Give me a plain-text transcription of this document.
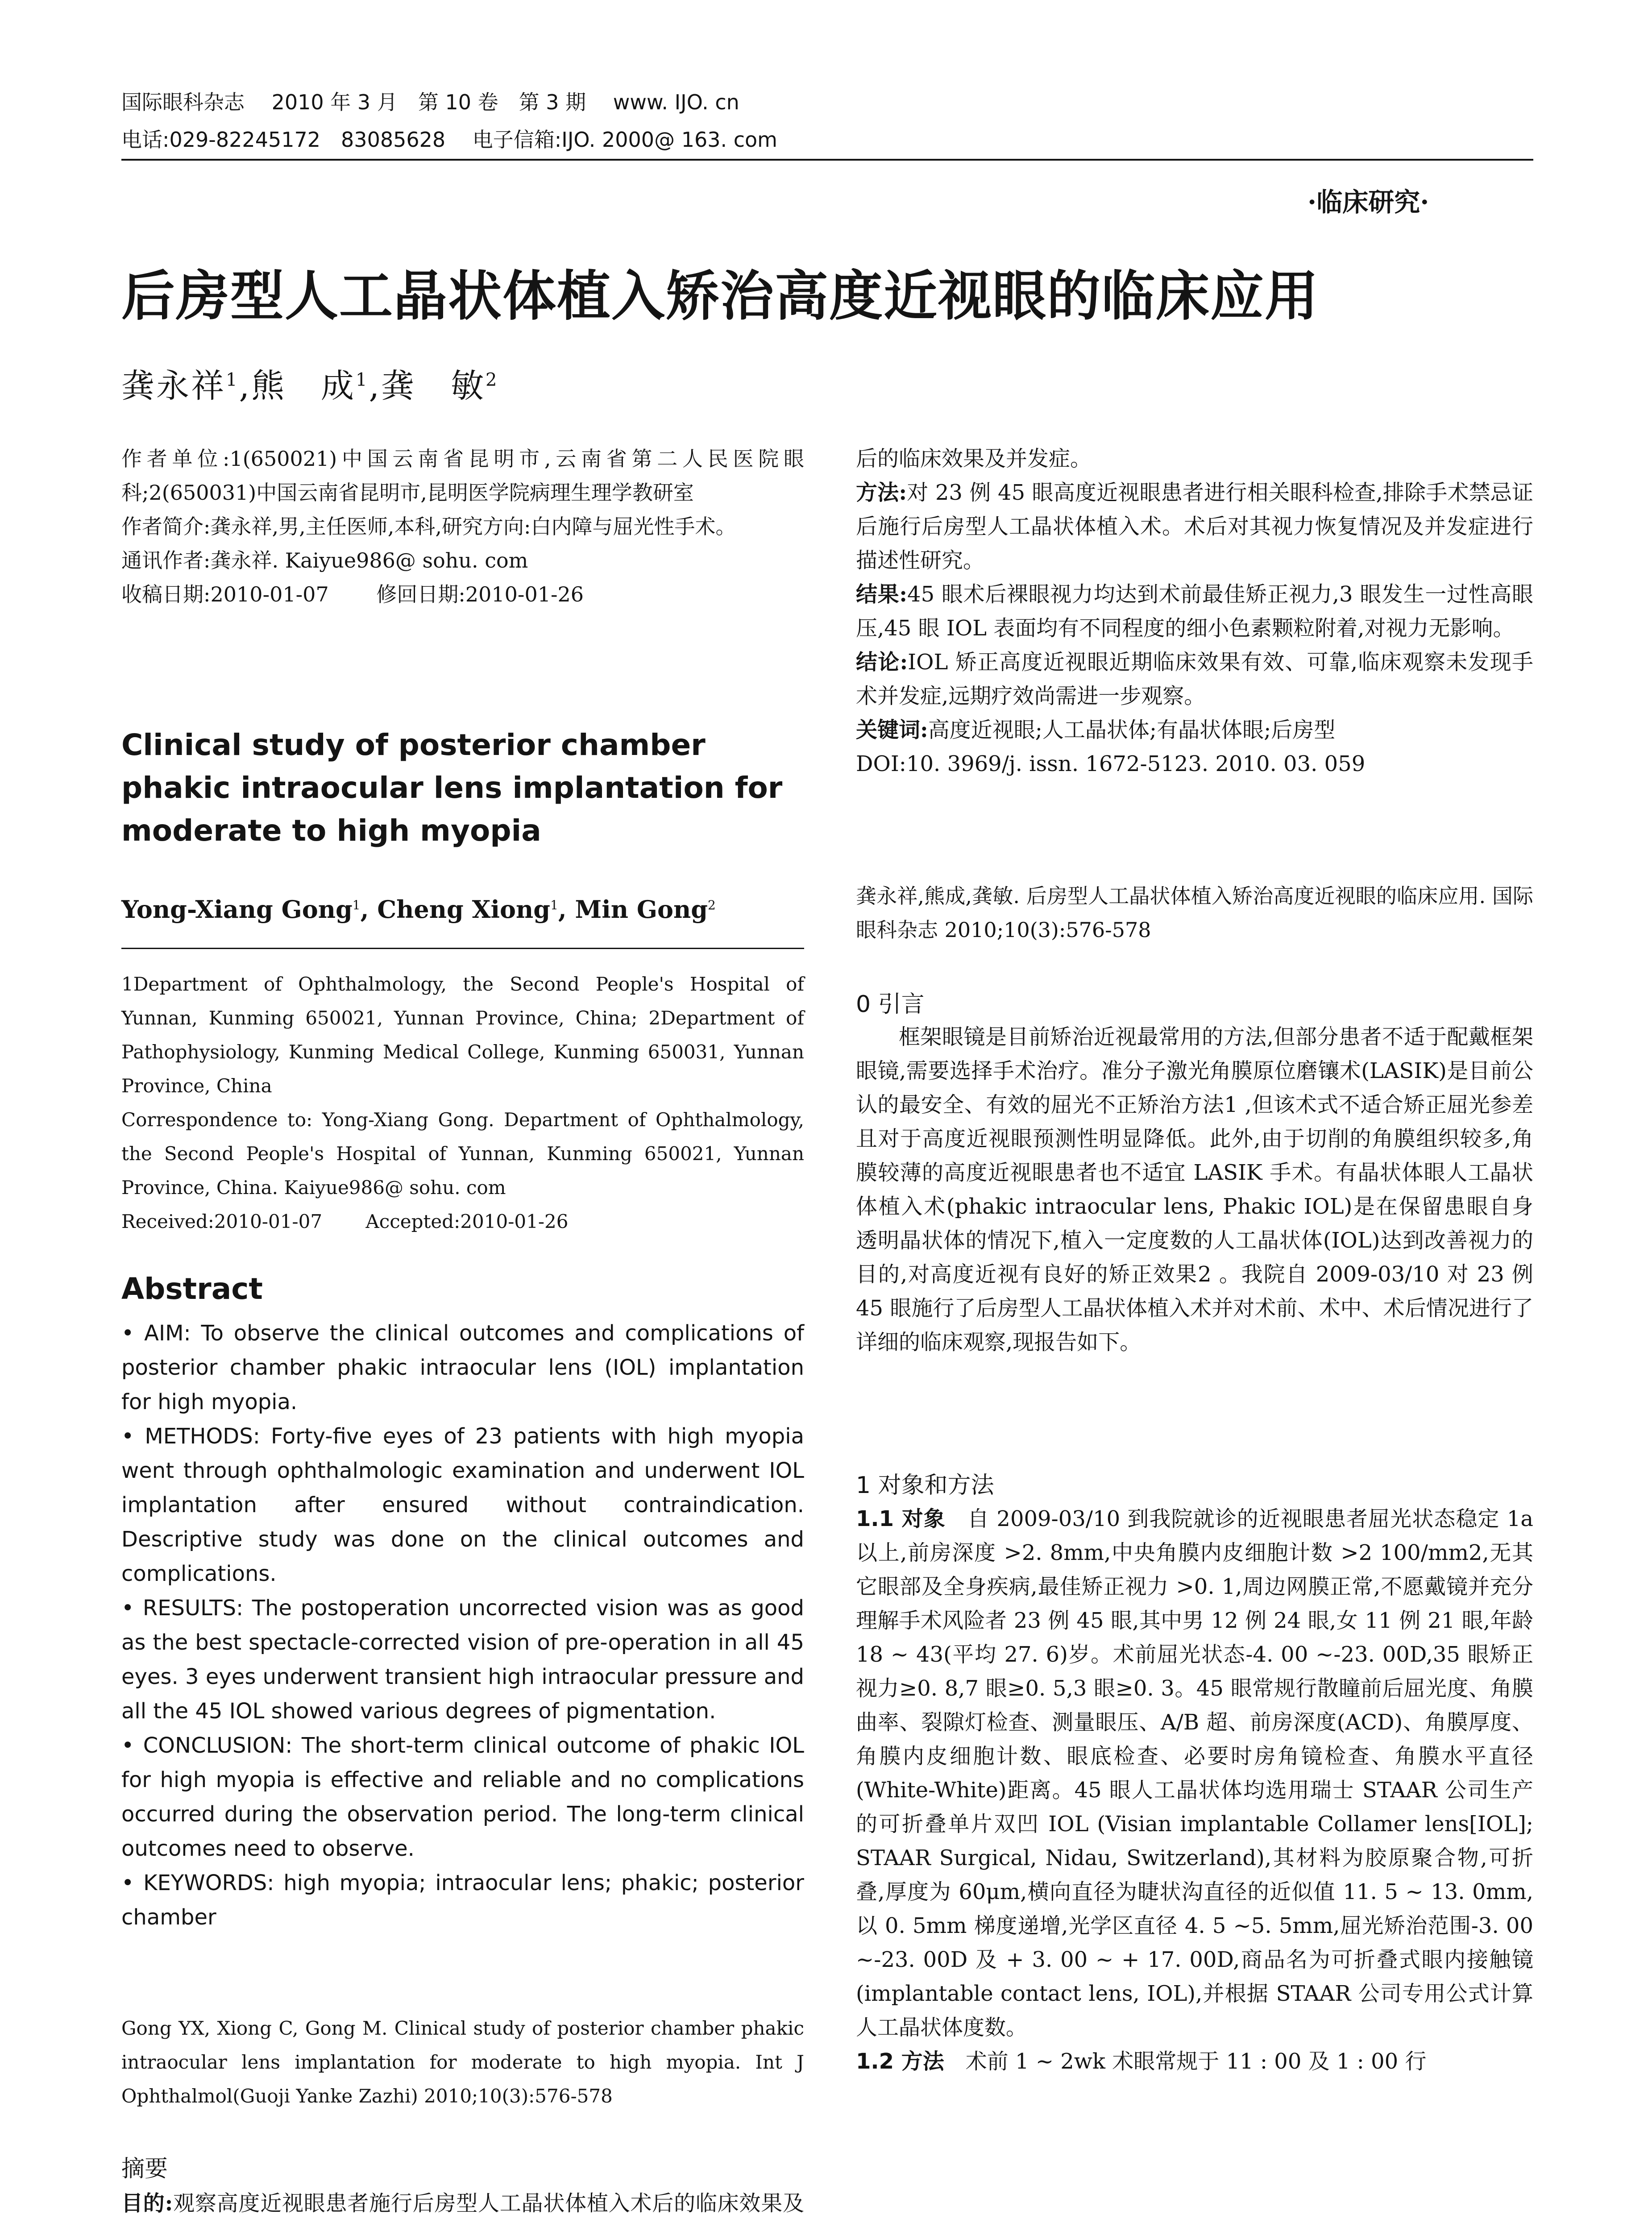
国际眼科杂志　 2010 年 3 月　第 10 卷　第 3 期　 www. IJO. cn
电话:029-82245172　83085628　 电子信箱:IJO. 2000@ 163. com
·临床研究·
后房型人工晶状体植入矫治高度近视眼的临床应用
龚永祥$^1$,熊　成$^1$,龚　敏$^2$

作者单位:1(650021)中国云南省昆明市,云南省第二人民医院眼科;2(650031)中国云南省昆明市,昆明医学院病理生理学教研室

作者简介:龚永祥,男,主任医师,本科,研究方向:白内障与屈光性手术。

通讯作者:龚永祥. Kaiyue986@ sohu. com

收稿日期:2010-01-07　　 修回日期:2010-01-26

Clinical study of posterior chamber phakic intraocular lens implantation for moderate to high myopia
Yong-Xiang Gong$^1$, Cheng Xiong$^1$, Min Gong$^2$

1Department of Ophthalmology, the Second People's Hospital of Yunnan, Kunming 650021, Yunnan Province, China; 2Department of Pathophysiology, Kunming Medical College, Kunming 650031, Yunnan Province, China

Correspondence to: Yong-Xiang Gong. Department of Ophthalmology, the Second People's Hospital of Yunnan, Kunming 650021, Yunnan Province, China. Kaiyue986@ sohu. com

Received:2010-01-07　　 Accepted:2010-01-26

Abstract

• AIM: To observe the clinical outcomes and complications of posterior chamber phakic intraocular lens (IOL) implantation for high myopia.

• METHODS: Forty-five eyes of 23 patients with high myopia went through ophthalmologic examination and underwent IOL implantation after ensured without contraindication. Descriptive study was done on the clinical outcomes and complications.

• RESULTS: The postoperation uncorrected vision was as good as the best spectacle-corrected vision of pre-operation in all 45 eyes. 3 eyes underwent transient high intraocular pressure and all the 45 IOL showed various degrees of pigmentation.

• CONCLUSION: The short-term clinical outcome of phakic IOL for high myopia is effective and reliable and no complications occurred during the observation period. The long-term clinical outcomes need to observe.

• KEYWORDS: high myopia; intraocular lens; phakic; posterior chamber

Gong YX, Xiong C, Gong M. Clinical study of posterior chamber phakic intraocular lens implantation for moderate to high myopia. Int J Ophthalmol(Guoji Yanke Zazhi) 2010;10(3):576-578

摘要
目的:观察高度近视眼患者施行后房型人工晶状体植入术后的临床效果及

后的临床效果及并发症。

方法:对 23 例 45 眼高度近视眼患者进行相关眼科检查,排除手术禁忌证后施行后房型人工晶状体植入术。术后对其视力恢复情况及并发症进行描述性研究。

结果:45 眼术后裸眼视力均达到术前最佳矫正视力,3 眼发生一过性高眼压,45 眼 IOL 表面均有不同程度的细小色素颗粒附着,对视力无影响。

结论:IOL 矫正高度近视眼近期临床效果有效、可靠,临床观察未发现手术并发症,远期疗效尚需进一步观察。

关键词:高度近视眼;人工晶状体;有晶状体眼;后房型

DOI:10. 3969/j. issn. 1672-5123. 2010. 03. 059

龚永祥,熊成,龚敏. 后房型人工晶状体植入矫治高度近视眼的临床应用. 国际眼科杂志 2010;10(3):576-578

0 引言

框架眼镜是目前矫治近视最常用的方法,但部分患者不适于配戴框架眼镜,需要选择手术治疗。准分子激光角膜原位磨镶术(LASIK)是目前公认的最安全、有效的屈光不正矫治方法1 ,但该术式不适合矫正屈光参差且对于高度近视眼预测性明显降低。此外,由于切削的角膜组织较多,角膜较薄的高度近视眼患者也不适宜 LASIK 手术。有晶状体眼人工晶状体植入术(phakic intraocular lens, Phakic IOL)是在保留患眼自身透明晶状体的情况下,植入一定度数的人工晶状体(IOL)达到改善视力的目的,对高度近视有良好的矫正效果2 。我院自 2009-03/10 对 23 例 45 眼施行了后房型人工晶状体植入术并对术前、术中、术后情况进行了详细的临床观察,现报告如下。

1 对象和方法

1.1 对象　 自 2009-03/10 到我院就诊的近视眼患者屈光状态稳定 1a 以上,前房深度 >2. 8mm,中央角膜内皮细胞计数 >2 100/mm2,无其它眼部及全身疾病,最佳矫正视力 >0. 1,周边网膜正常,不愿戴镜并充分理解手术风险者 23 例 45 眼,其中男 12 例 24 眼,女 11 例 21 眼,年龄 18 ~ 43(平均 27. 6)岁。术前屈光状态-4. 00 ~-23. 00D,35 眼矫正视力≥0. 8,7 眼≥0. 5,3 眼≥0. 3。45 眼常规行散瞳前后屈光度、角膜曲率、裂隙灯检查、测量眼压、A/B 超、前房深度(ACD)、角膜厚度、角膜内皮细胞计数、眼底检查、必要时房角镜检查、角膜水平直径(White-White)距离。45 眼人工晶状体均选用瑞士 STAAR 公司生产的可折叠单片双凹 IOL (Visian implantable Collamer lens[IOL]; STAAR Surgical, Nidau, Switzerland),其材料为胶原聚合物,可折叠,厚度为 60μm,横向直径为睫状沟直径的近似值 11. 5 ~ 13. 0mm,以 0. 5mm 梯度递增,光学区直径 4. 5 ~5. 5mm,屈光矫治范围-3. 00 ~-23. 00D 及 + 3. 00 ~ + 17. 00D,商品名为可折叠式眼内接触镜(implantable contact lens, IOL),并根据 STAAR 公司专用公式计算人工晶状体度数。

1.2 方法　 术前 1 ~ 2wk 术眼常规于 11 : 00 及 1 : 00 行
